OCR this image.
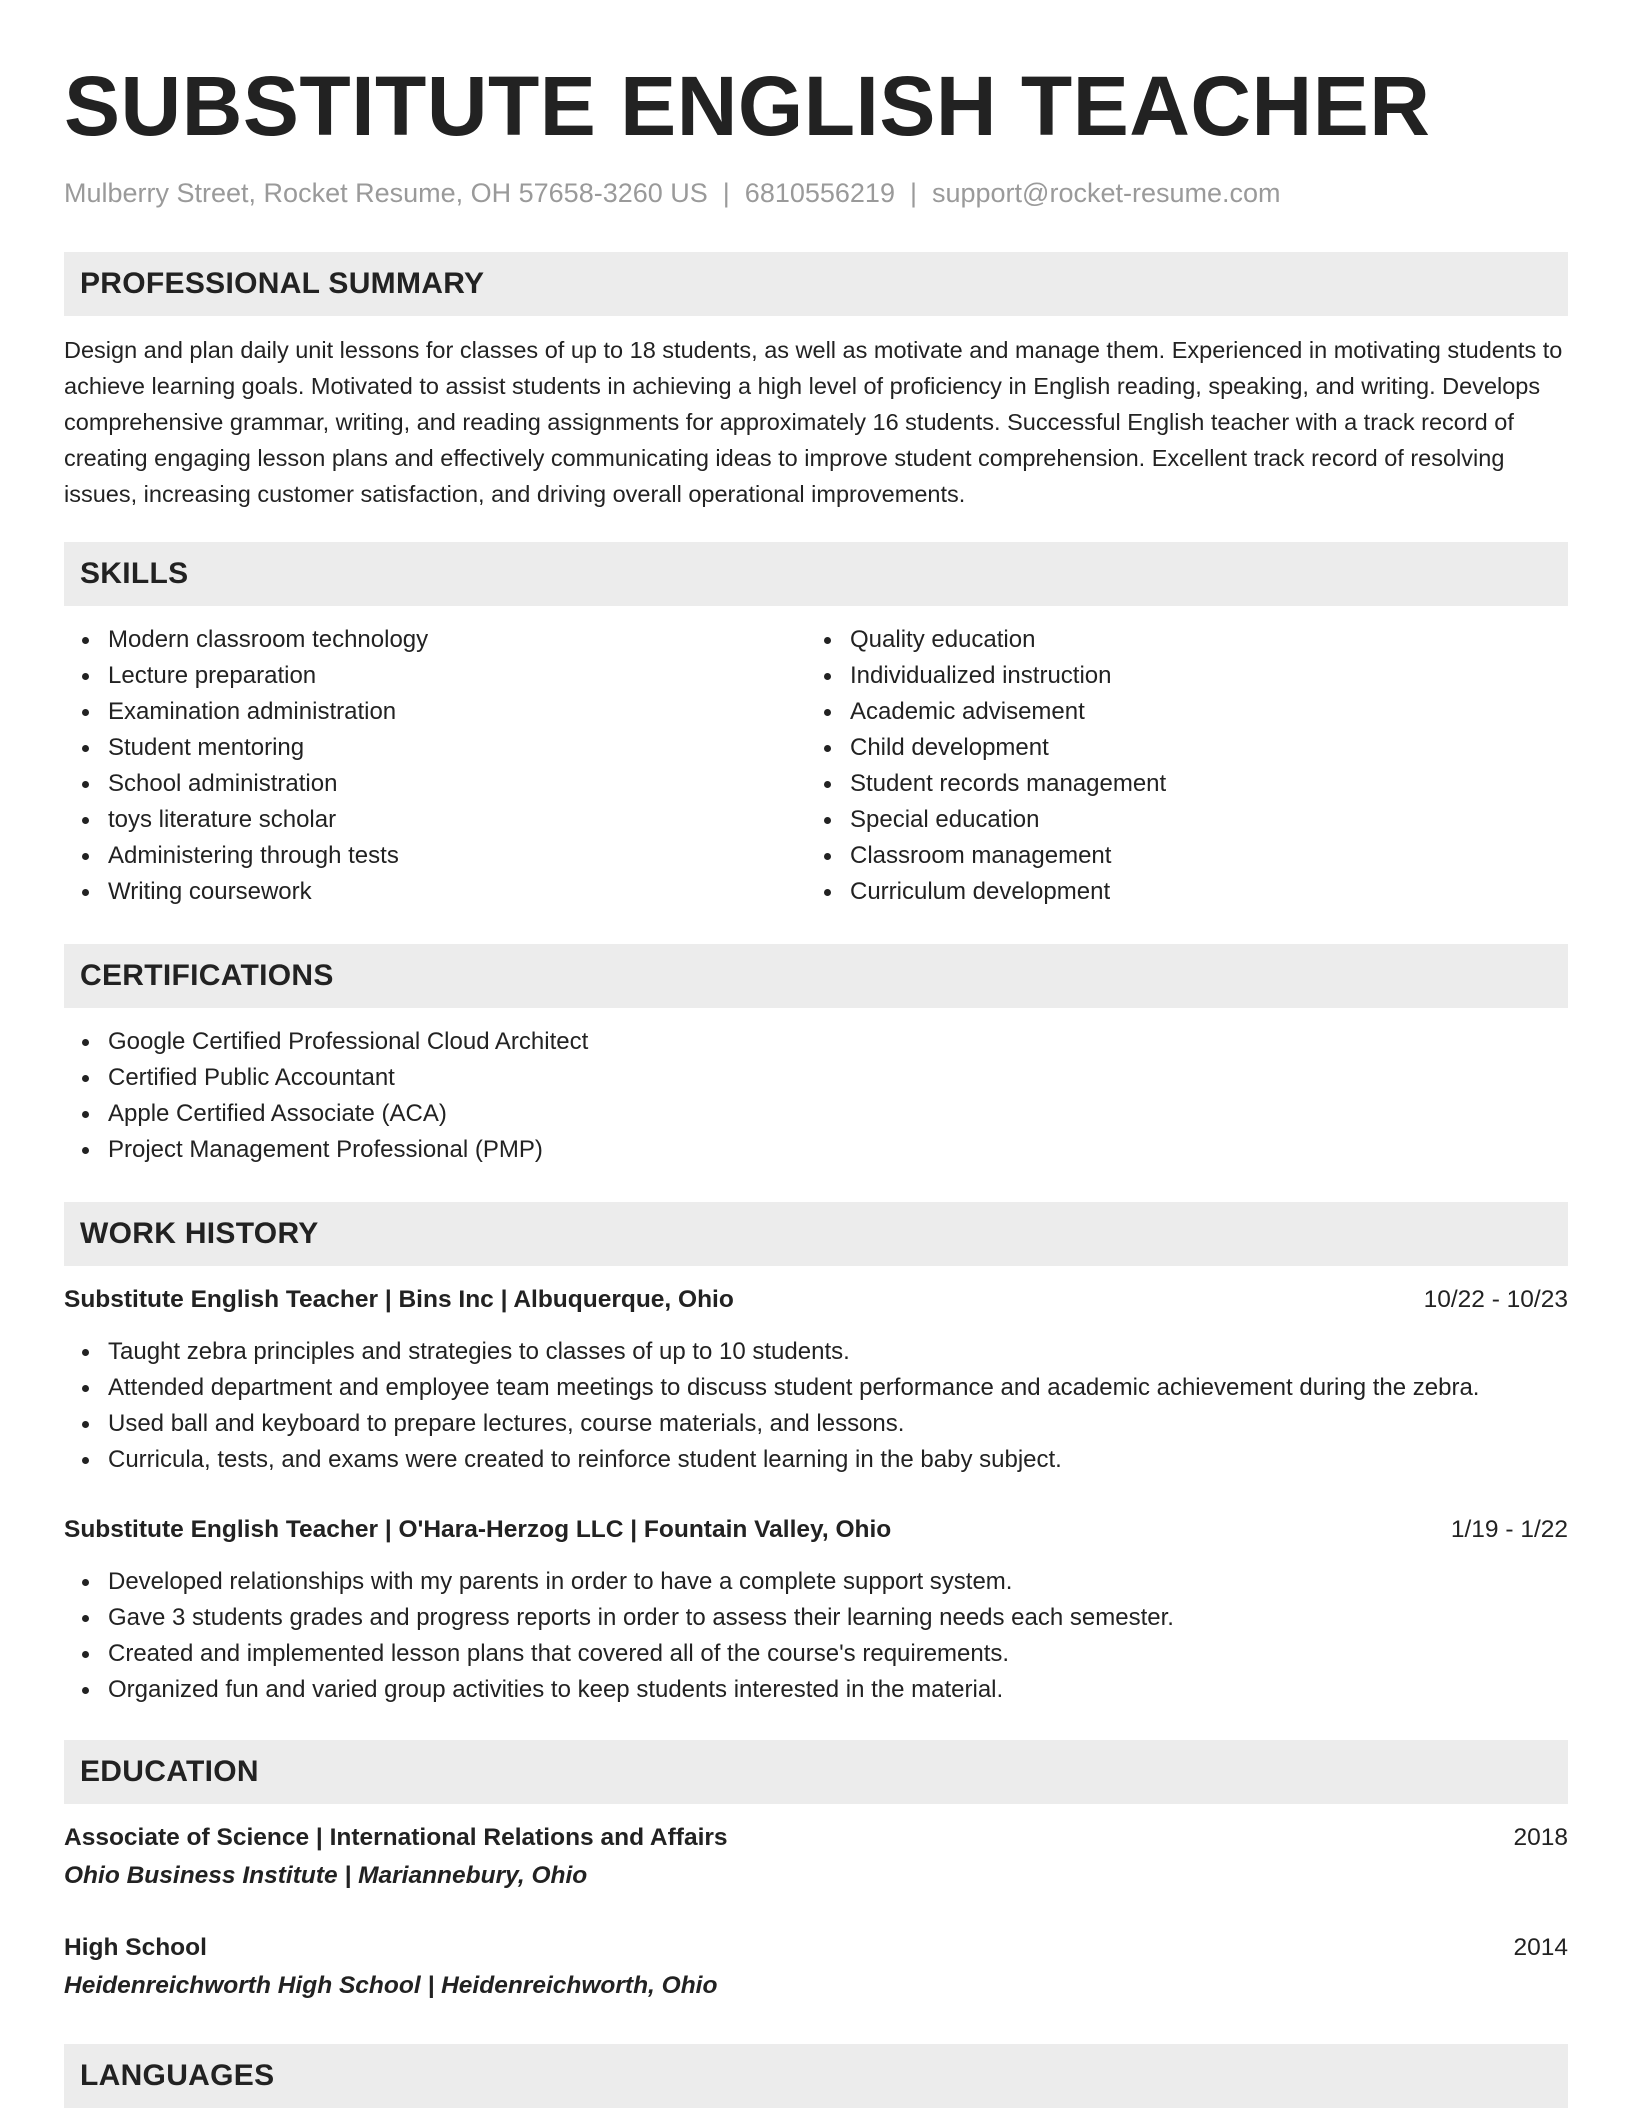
SUBSTITUTE ENGLISH TEACHER
Mulberry Street, Rocket Resume, OH 57658-3260 US | 6810556219 | support@rocket-resume.com
PROFESSIONAL SUMMARY

Design and plan daily unit lessons for classes of up to 18 students, as well as motivate and manage them. Experienced in motivating students to achieve learning goals. Motivated to assist students in achieving a high level of proficiency in English reading, speaking, and writing. Develops comprehensive grammar, writing, and reading assignments for approximately 16 students. Successful English teacher with a track record of creating engaging lesson plans and effectively communicating ideas to improve student comprehension. Excellent track record of resolving issues, increasing customer satisfaction, and driving overall operational improvements.

SKILLS
Modern classroom technology
Lecture preparation
Examination administration
Student mentoring
School administration
toys literature scholar
Administering through tests
Writing coursework
Quality education
Individualized instruction
Academic advisement
Child development
Student records management
Special education
Classroom management
Curriculum development
CERTIFICATIONS
Google Certified Professional Cloud Architect
Certified Public Accountant
Apple Certified Associate (ACA)
Project Management Professional (PMP)
WORK HISTORY
Substitute English Teacher | Bins Inc | Albuquerque, Ohio	10/22 - 10/23
Taught zebra principles and strategies to classes of up to 10 students.
Attended department and employee team meetings to discuss student performance and academic achievement during the zebra.
Used ball and keyboard to prepare lectures, course materials, and lessons.
Curricula, tests, and exams were created to reinforce student learning in the baby subject.
Substitute English Teacher | O'Hara-Herzog LLC | Fountain Valley, Ohio	1/19 - 1/22
Developed relationships with my parents in order to have a complete support system.
Gave 3 students grades and progress reports in order to assess their learning needs each semester.
Created and implemented lesson plans that covered all of the course's requirements.
Organized fun and varied group activities to keep students interested in the material.
EDUCATION
Associate of Science | International Relations and Affairs	2018
Ohio Business Institute | Mariannebury, Ohio
High School	2014
Heidenreichworth High School | Heidenreichworth, Ohio
LANGUAGES
